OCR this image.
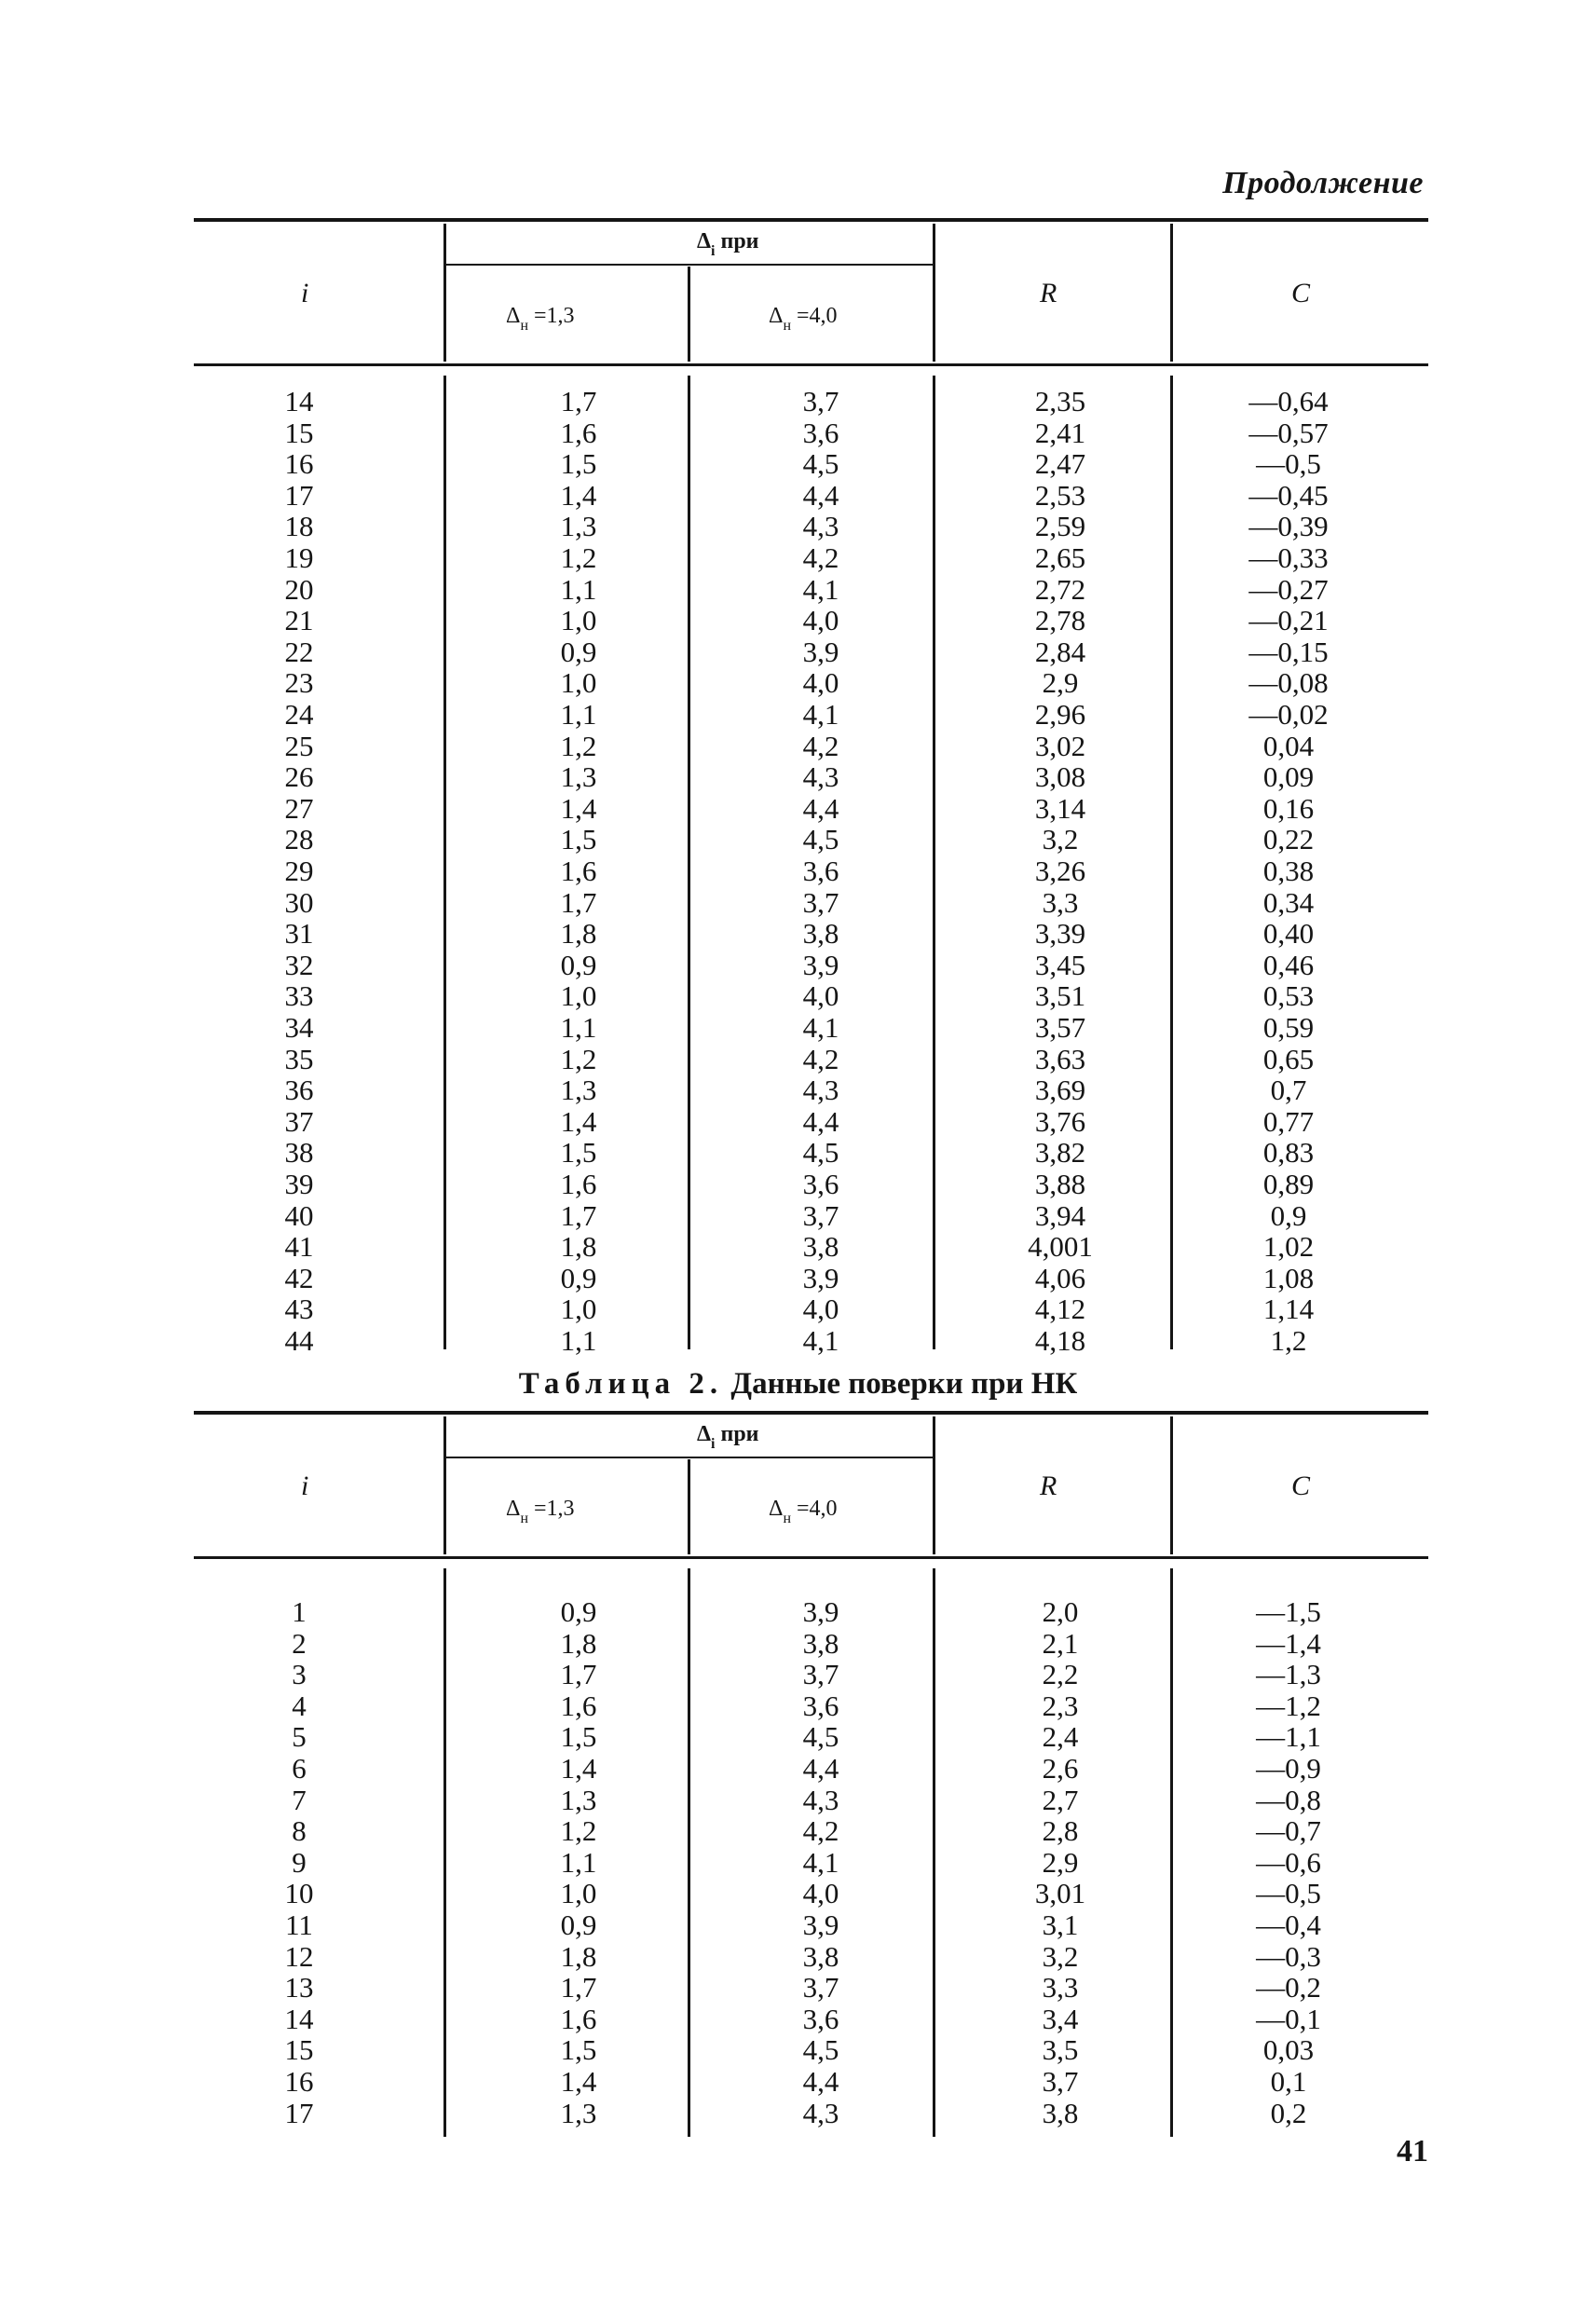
Продолжение
i
$\Delta_i$ при
$\Delta_н =1,3$	$\Delta_н =4,0$
R	C
14	1,7	3,7	2,35	—0,64
15	1,6	3,6	2,41	—0,57
16	1,5	4,5	2,47	—0,5
17	1,4	4,4	2,53	—0,45
18	1,3	4,3	2,59	—0,39
19	1,2	4,2	2,65	—0,33
20	1,1	4,1	2,72	—0,27
21	1,0	4,0	2,78	—0,21
22	0,9	3,9	2,84	—0,15
23	1,0	4,0	2,9	—0,08
24	1,1	4,1	2,96	—0,02
25	1,2	4,2	3,02	0,04
26	1,3	4,3	3,08	0,09
27	1,4	4,4	3,14	0,16
28	1,5	4,5	3,2	0,22
29	1,6	3,6	3,26	0,38
30	1,7	3,7	3,3	0,34
31	1,8	3,8	3,39	0,40
32	0,9	3,9	3,45	0,46
33	1,0	4,0	3,51	0,53
34	1,1	4,1	3,57	0,59
35	1,2	4,2	3,63	0,65
36	1,3	4,3	3,69	0,7
37	1,4	4,4	3,76	0,77
38	1,5	4,5	3,82	0,83
39	1,6	3,6	3,88	0,89
40	1,7	3,7	3,94	0,9
41	1,8	3,8	4,001	1,02
42	0,9	3,9	4,06	1,08
43	1,0	4,0	4,12	1,14
44	1,1	4,1	4,18	1,2
Таблица 2. Данные поверки при НК
i
$\Delta_i$ при
$\Delta_н =1,3$	$\Delta_н =4,0$
R	C
1	0,9	3,9	2,0	—1,5
2	1,8	3,8	2,1	—1,4
3	1,7	3,7	2,2	—1,3
4	1,6	3,6	2,3	—1,2
5	1,5	4,5	2,4	—1,1
6	1,4	4,4	2,6	—0,9
7	1,3	4,3	2,7	—0,8
8	1,2	4,2	2,8	—0,7
9	1,1	4,1	2,9	—0,6
10	1,0	4,0	3,01	—0,5
11	0,9	3,9	3,1	—0,4
12	1,8	3,8	3,2	—0,3
13	1,7	3,7	3,3	—0,2
14	1,6	3,6	3,4	—0,1
15	1,5	4,5	3,5	0,03
16	1,4	4,4	3,7	0,1
17	1,3	4,3	3,8	0,2
41
